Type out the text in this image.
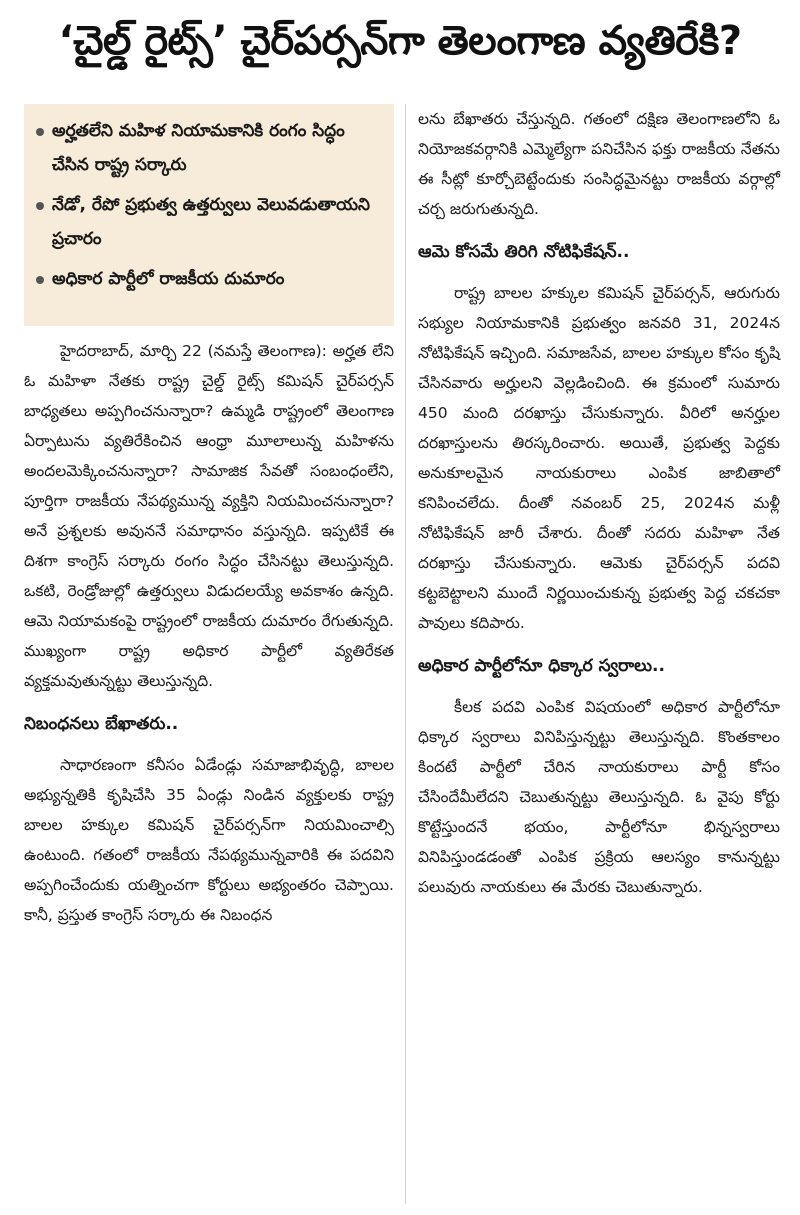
‘చైల్డ్ రైట్స్’ చైర్‌పర్సన్‌గా తెలంగాణ వ్యతిరేకి?
అర్హతలేని మహిళ నియామకానికి రంగం సిద్ధం చేసిన రాష్ట్ర సర్కారు
నేడో, రేపో ప్రభుత్వ ఉత్తర్వులు వెలువడుతాయని ప్రచారం
అధికార పార్టీలో రాజకీయ దుమారం

హైదరాబాద్, మార్చి 22 (నమస్తే తెలంగాణ): అర్హత లేని ఓ మహిళా నేతకు రాష్ట్ర చైల్డ్ రైట్స్ కమిషన్ చైర్‌పర్సన్ బాధ్యతలు అప్పగించనున్నారా? ఉమ్మడి రాష్ట్రంలో తెలంగాణ ఏర్పాటును వ్యతిరేకించిన ఆంధ్రా మూలాలున్న మహిళను అందలమెక్కించనున్నారా? సామాజిక సేవతో సంబంధంలేని, పూర్తిగా రాజకీయ నేపథ్యమున్న వ్యక్తిని నియమించనున్నారా? అనే ప్రశ్నలకు అవుననే సమాధానం వస్తున్నది. ఇప్పటికే ఈ దిశగా కాంగ్రెస్ సర్కారు రంగం సిద్ధం చేసినట్టు తెలుస్తున్నది. ఒకటి, రెండ్రోజుల్లో ఉత్తర్వులు విడుదలయ్యే అవకాశం ఉన్నది. ఆమె నియామకంపై రాష్ట్రంలో రాజకీయ దుమారం రేగుతున్నది. ముఖ్యంగా రాష్ట్ర అధికార పార్టీలో వ్యతిరేకత వ్యక్తమవుతున్నట్టు తెలుస్తున్నది.

నిబంధనలు బేఖాతరు..

సాధారణంగా కనీసం ఏడేండ్లు సమాజాభివృద్ధి, బాలల అభ్యున్నతికి కృషిచేసి 35 ఏండ్లు నిండిన వ్యక్తులకు రాష్ట్ర బాలల హక్కుల కమిషన్ చైర్‌పర్సన్‌గా నియమించాల్సి ఉంటుంది. గతంలో రాజకీయ నేపథ్యమున్నవారికి ఈ పదవిని అప్పగించేందుకు యత్నించగా కోర్టులు అభ్యంతరం చెప్పాయి. కానీ, ప్రస్తుత కాంగ్రెస్ సర్కారు ఈ నిబంధన

లను బేఖాతరు చేస్తున్నది. గతంలో దక్షిణ తెలంగాణలోని ఓ నియోజకవర్గానికి ఎమ్మెల్యేగా పనిచేసిన ఫక్తు రాజకీయ నేతను ఈ సీట్లో కూర్చోబెట్టేందుకు సంసిద్ధమైనట్టు రాజకీయ వర్గాల్లో చర్చ జరుగుతున్నది.

ఆమె కోసమే తిరిగి నోటిఫికేషన్..

రాష్ట్ర బాలల హక్కుల కమిషన్ చైర్‌పర్సన్, ఆరుగురు సభ్యుల నియామకానికి ప్రభుత్వం జనవరి 31, 2024న నోటిఫికేషన్ ఇచ్చింది. సమాజసేవ, బాలల హక్కుల కోసం కృషి చేసినవారు అర్హులని వెల్లడించింది. ఈ క్రమంలో సుమారు 450 మంది దరఖాస్తు చేసుకున్నారు. వీరిలో అనర్హుల దరఖాస్తులను తిరస్కరించారు. అయితే, ప్రభుత్వ పెద్దకు అనుకూలమైన నాయకురాలు ఎంపిక జాబితాలో కనిపించలేదు. దీంతో నవంబర్ 25, 2024న మళ్లీ నోటిఫికేషన్ జారీ చేశారు. దీంతో సదరు మహిళా నేత దరఖాస్తు చేసుకున్నారు. ఆమెకు చైర్‌పర్సన్ పదవి కట్టబెట్టాలని ముందే నిర్ణయించుకున్న ప్రభుత్వ పెద్ద చకచకా పావులు కదిపారు.

అధికార పార్టీలోనూ ధిక్కార స్వరాలు..

కీలక పదవి ఎంపిక విషయంలో అధికార పార్టీలోనూ ధిక్కార స్వరాలు వినిపిస్తున్నట్టు తెలుస్తున్నది. కొంతకాలం కిందటే పార్టీలో చేరిన నాయకురాలు పార్టీ కోసం చేసిందేమీలేదని చెబుతున్నట్టు తెలుస్తున్నది. ఓ వైపు కోర్టు కొట్టేస్తుందనే భయం, పార్టీలోనూ భిన్నస్వరాలు వినిపిస్తుండడంతో ఎంపిక ప్రక్రియ ఆలస్యం కానున్నట్టు పలువురు నాయకులు ఈ మేరకు చెబుతున్నారు.
